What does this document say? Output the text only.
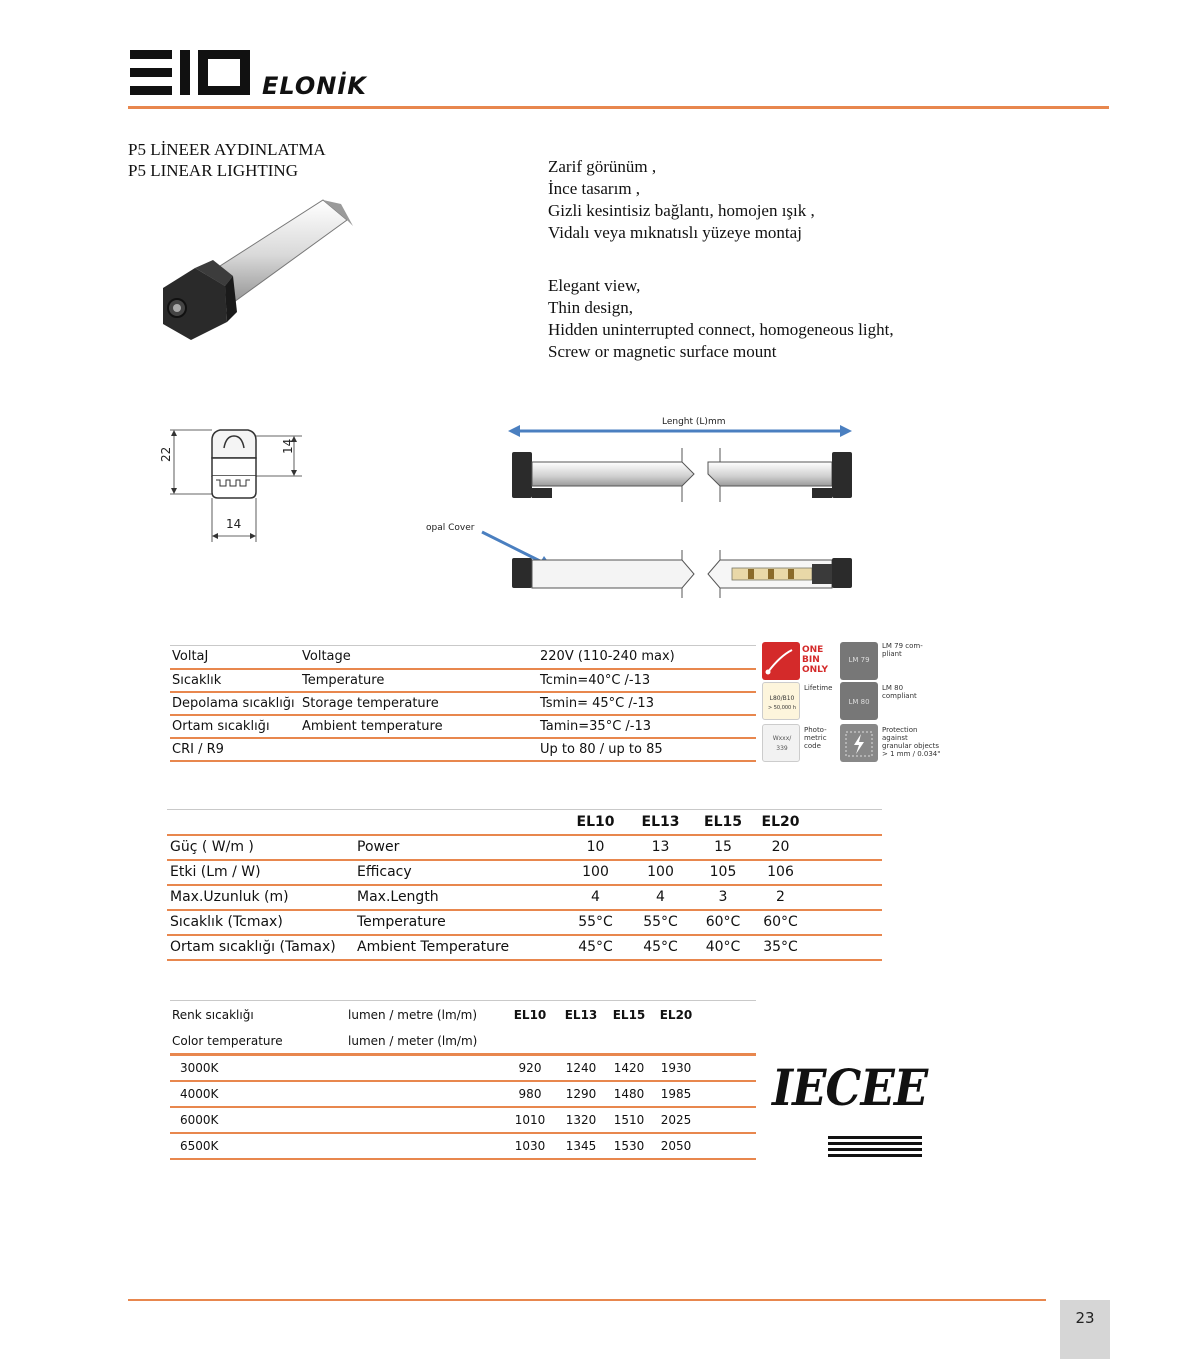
ELONİK
P5 LİNEER AYDINLATMA
P5 LINEAR LIGHTING	Zarif görünüm ,
İnce tasarım ,
Gizli kesintisiz bağlantı, homojen ışık ,
Vidalı veya mıknatıslı yüzeye montaj
Elegant view,
Thin design,
Hidden uninterrupted connect, homogeneous light,
Screw or magnetic surface mount
22
14
14
Lenght (L)mm
opal Cover
VoltaJ	Voltage	220V (110-240 max)
Sıcaklık	Temperature	Tcmin=40°C /-13
Depolama sıcaklığı	Storage temperature	Tsmin= 45°C /-13
Ortam sıcaklığı	Ambient temperature	Tamin=35°C /-13
CRI / R9		Up to 80 / up to 85
ONE
BIN
ONLY
LM 79
LM 79 com-
pliant
L80/B10
> 50,000 h
Lifetime
LM 80
LM 80
compliant
Wxxx/
339
Photo-
metric
code
Protection
against
granular objects
> 1 mm / 0.034"
		EL10	EL13	EL15	EL20	
Güç ( W/m )	Power	10	13	15	20	
Etki (Lm / W)	Efficacy	100	100	105	106	
Max.Uzunluk (m)	Max.Length	4	4	3	2	
Sıcaklık (Tcmax)	Temperature	55°C	55°C	60°C	60°C	
Ortam sıcaklığı (Tamax)	Ambient Temperature	45°C	45°C	40°C	35°C	
Renk sıcaklığı	lumen / metre (lm/m)	EL10	EL13	EL15	EL20	
Color temperature	lumen / meter (lm/m)					
3000K		920	1240	1420	1930	
4000K		980	1290	1480	1985	
6000K		1010	1320	1510	2025	
6500K		1030	1345	1530	2050	
IECEE
23
